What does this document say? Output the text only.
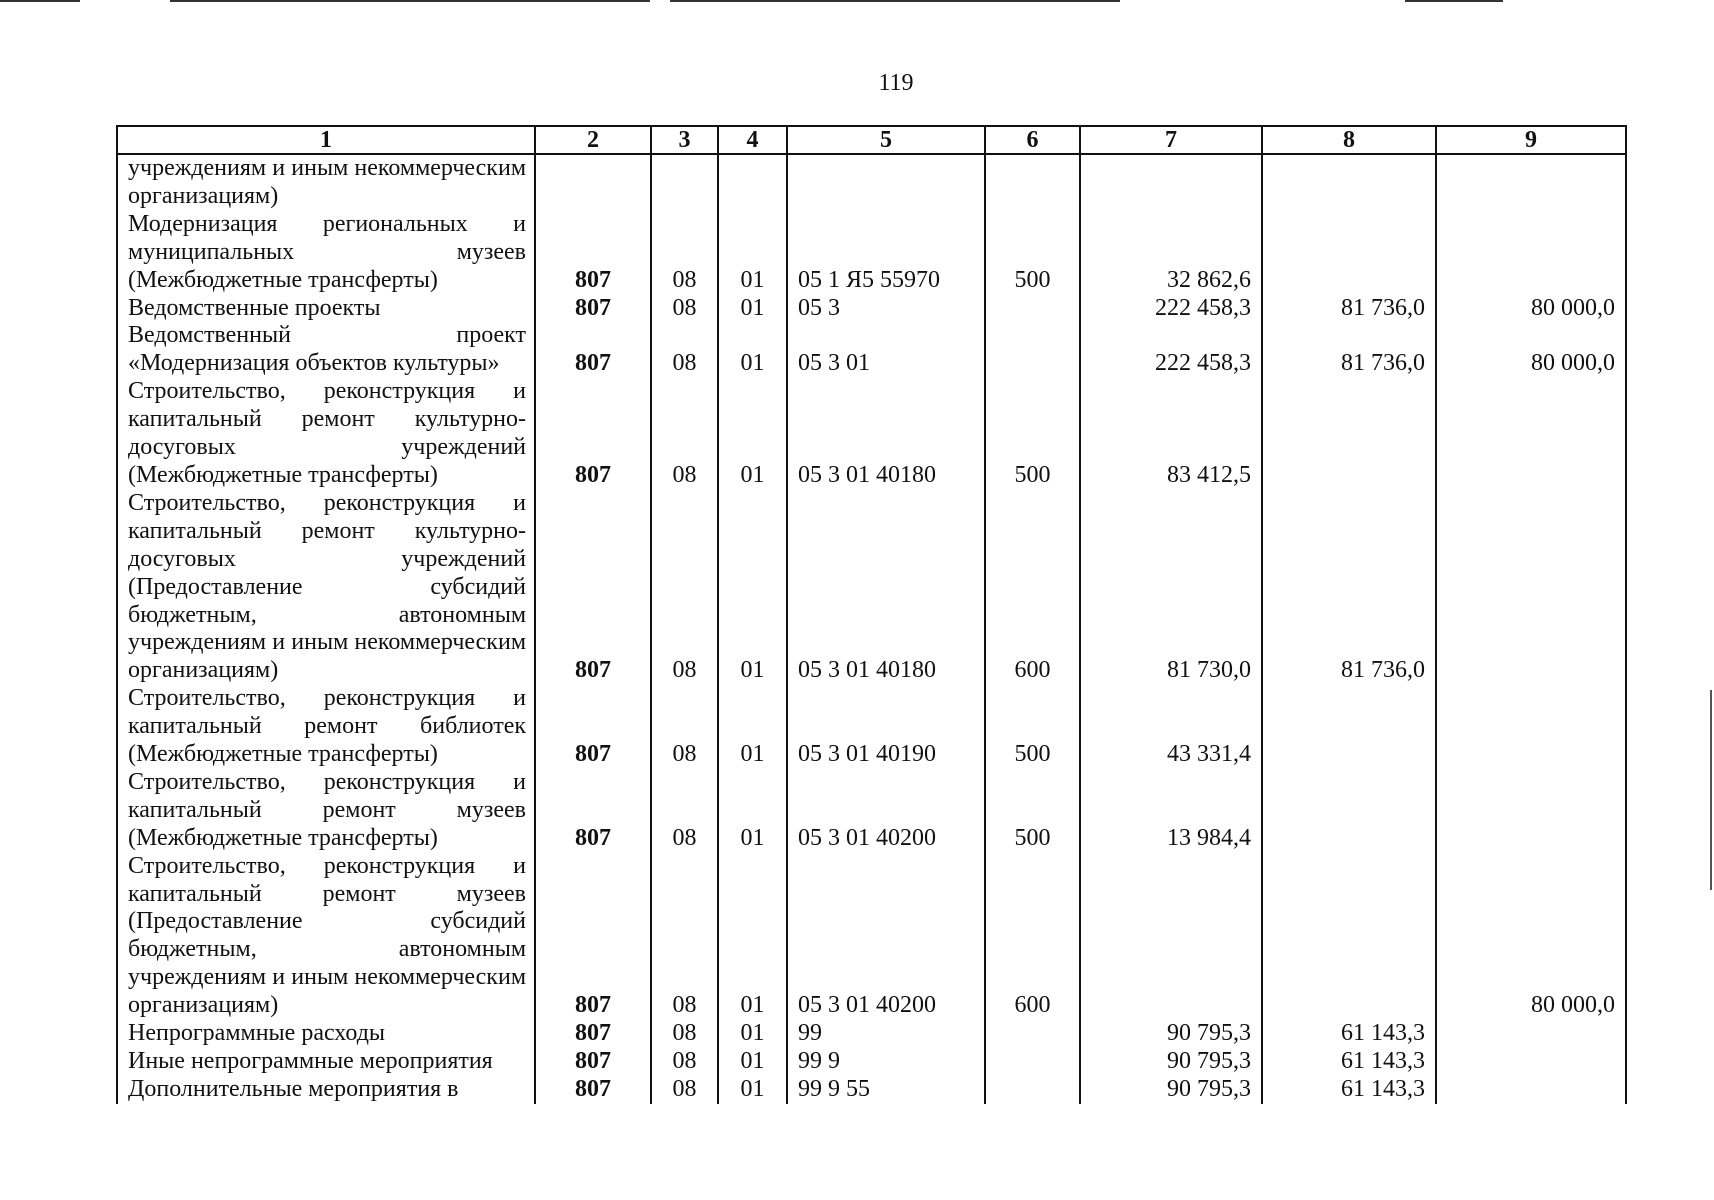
119
1	2	3	4	5	6	7	8	9
учреждениям и иным некоммерческим организациям)								
Модернизация региональных и муниципальных музеев (Межбюджетные трансферты)	807	08	01	05 1 Я5 55970	500	32 862,6		
Ведомственные проекты	807	08	01	05 3		222 458,3	81 736,0	80 000,0
Ведомственный проект «Модернизация объектов культуры»	807	08	01	05 3 01		222 458,3	81 736,0	80 000,0
Строительство, реконструкция и капитальный ремонт культурно-досуговых учреждений (Межбюджетные трансферты)	807	08	01	05 3 01 40180	500	83 412,5		
Строительство, реконструкция и капитальный ремонт культурно-досуговых учреждений (Предоставление субсидий бюджетным, автономным учреждениям и иным некоммерческим организациям)	807	08	01	05 3 01 40180	600	81 730,0	81 736,0	
Строительство, реконструкция и капитальный ремонт библиотек (Межбюджетные трансферты)	807	08	01	05 3 01 40190	500	43 331,4		
Строительство, реконструкция и капитальный ремонт музеев (Межбюджетные трансферты)	807	08	01	05 3 01 40200	500	13 984,4		
Строительство, реконструкция и капитальный ремонт музеев (Предоставление субсидий бюджетным, автономным учреждениям и иным некоммерческим организациям)	807	08	01	05 3 01 40200	600			80 000,0
Непрограммные расходы	807	08	01	99		90 795,3	61 143,3	
Иные непрограммные мероприятия	807	08	01	99 9		90 795,3	61 143,3	
Дополнительные мероприятия в	807	08	01	99 9 55		90 795,3	61 143,3	
